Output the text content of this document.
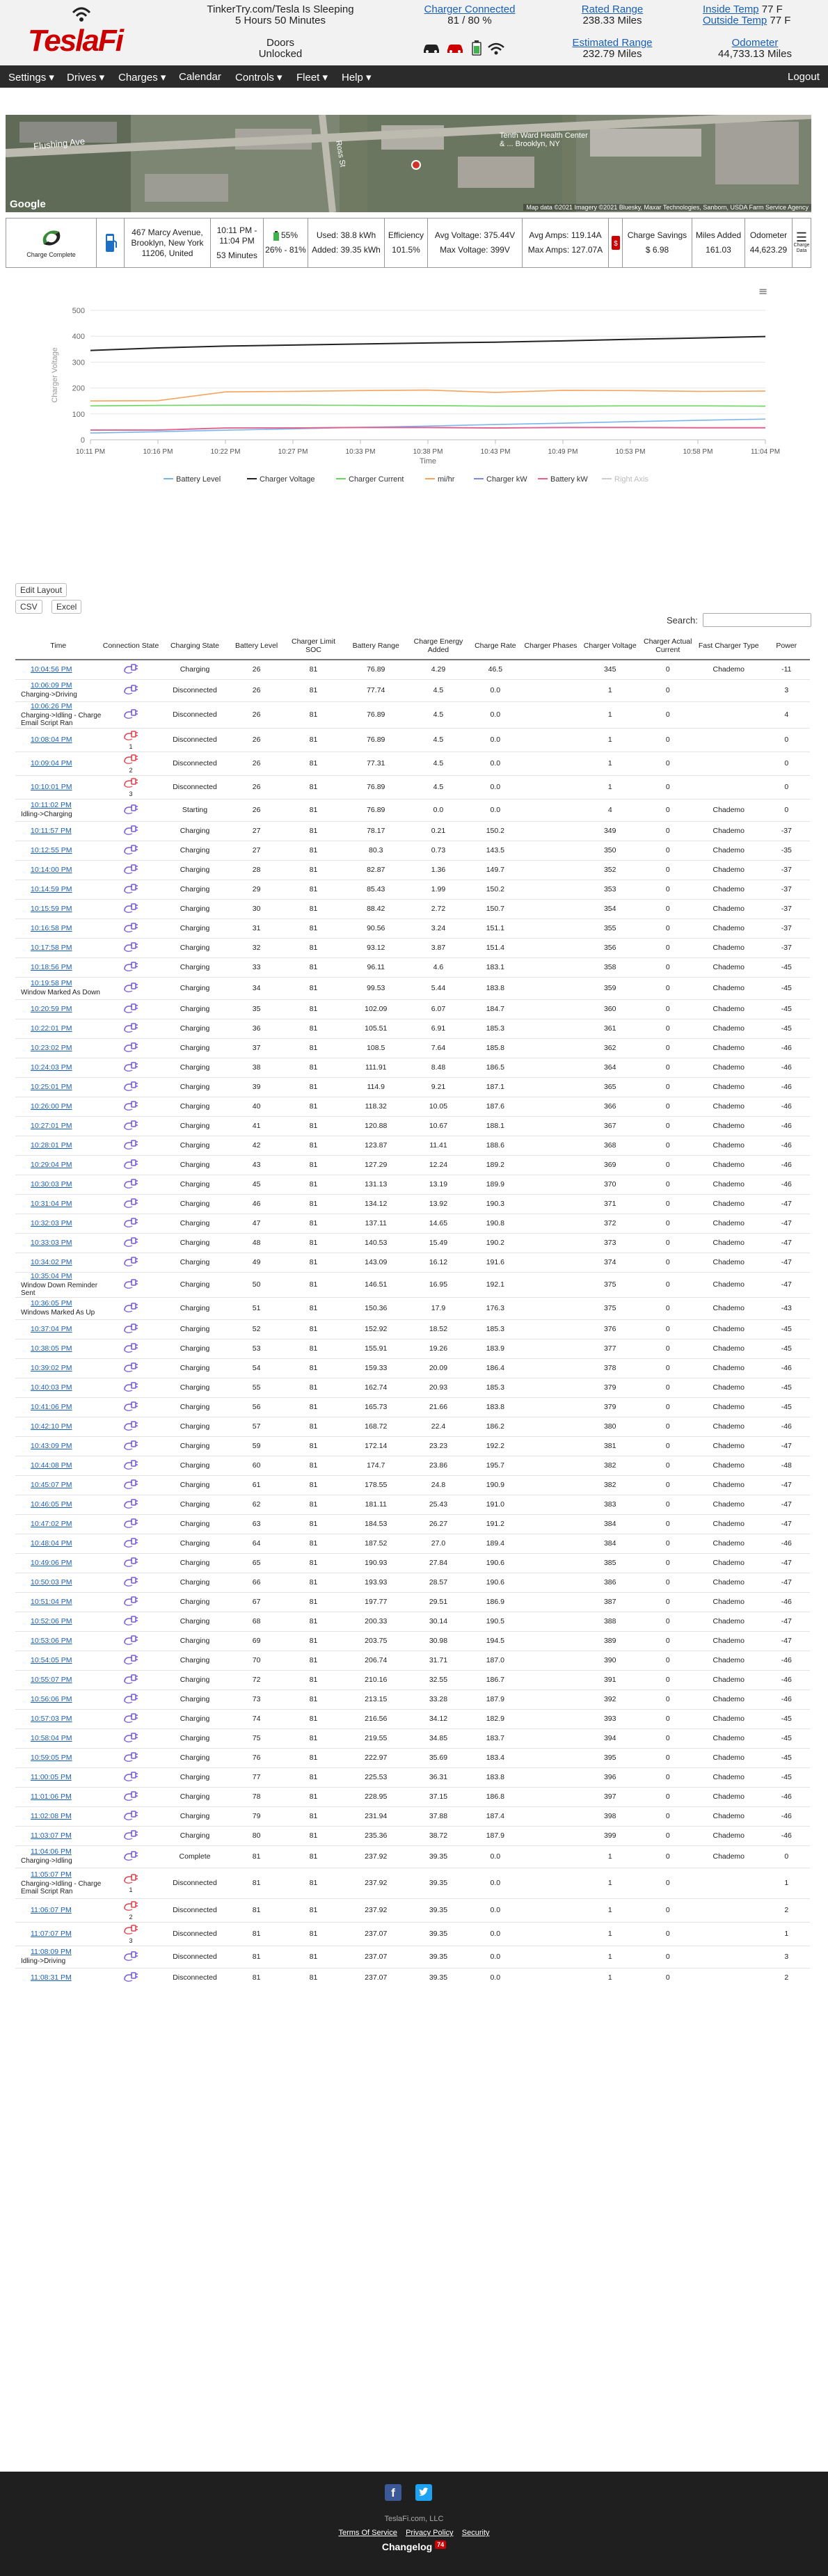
TeslaFi
TinkerTry.com/Tesla Is Sleeping
5 Hours 50 Minutes
Doors
Unlocked
Charger Connected
81 / 80 %
Rated Range
238.33 Miles
Estimated Range
232.79 Miles
Inside Temp 77 F
Outside Temp 77 F
Odometer
44,733.13 Miles
Settings ▾ Drives ▾ Charges ▾ Calendar Controls ▾ Fleet ▾ Help ▾	Logout
Flushing Ave	Ross St
Tenth Ward Health Center & ... Brooklyn, NY
Google	Map data ©2021 Imagery ©2021 Bluesky, Maxar Technologies, Sanborn, USDA Farm Service Agency
Charge Complete
467 Marcy Avenue,
Brooklyn, New York
11206, United
10:11 PM -
11:04 PM
53 Minutes
55%
26% - 81%
Used: 38.8 kWh
Added: 39.35 kWh
Efficiency
101.5%
Avg Voltage: 375.44V
Max Voltage: 399V
Avg Amps: 119.14A
Max Amps: 127.07A
$
Charge Savings
$ 6.98
Miles Added
161.03
Odometer
44,623.29
☰
Charge Data
0
100
200
300
400
500
10:11 PM	10:16 PM	10:22 PM	10:27 PM	10:33 PM	10:38 PM	10:43 PM	10:49 PM	10:53 PM	10:58 PM	11:04 PM
Time
Charger Voltage
≡
Battery Level	Charger Voltage	Charger Current	mi/hr	Charger kW	Battery kW	Right Axis
Edit Layout
CSV	Excel
Search:
Time	Connection State	Charging State	Battery Level	Charger Limit SOC	Battery Range	Charge Energy Added	Charge Rate	Charger Phases	Charger Voltage	Charger Actual Current	Fast Charger Type	Power
10:04:56 PM		Charging	26	81	76.89	4.29	46.5		345	0	Chademo	-11
10:06:09 PM
Charging->Driving		Disconnected	26	81	77.74	4.5	0.0		1	0		3
10:06:26 PM
Charging->Idling - Charge Email Script Ran		Disconnected	26	81	76.89	4.5	0.0		1	0		4
10:08:04 PM	1	Disconnected	26	81	76.89	4.5	0.0		1	0		0
10:09:04 PM	2	Disconnected	26	81	77.31	4.5	0.0		1	0		0
10:10:01 PM	3	Disconnected	26	81	76.89	4.5	0.0		1	0		0
10:11:02 PM
Idling->Charging		Starting	26	81	76.89	0.0	0.0		4	0	Chademo	0
10:11:57 PM		Charging	27	81	78.17	0.21	150.2		349	0	Chademo	-37
10:12:55 PM		Charging	27	81	80.3	0.73	143.5		350	0	Chademo	-35
10:14:00 PM		Charging	28	81	82.87	1.36	149.7		352	0	Chademo	-37
10:14:59 PM		Charging	29	81	85.43	1.99	150.2		353	0	Chademo	-37
10:15:59 PM		Charging	30	81	88.42	2.72	150.7		354	0	Chademo	-37
10:16:58 PM		Charging	31	81	90.56	3.24	151.1		355	0	Chademo	-37
10:17:58 PM		Charging	32	81	93.12	3.87	151.4		356	0	Chademo	-37
10:18:56 PM		Charging	33	81	96.11	4.6	183.1		358	0	Chademo	-45
10:19:58 PM
Window Marked As Down		Charging	34	81	99.53	5.44	183.8		359	0	Chademo	-45
10:20:59 PM		Charging	35	81	102.09	6.07	184.7		360	0	Chademo	-45
10:22:01 PM		Charging	36	81	105.51	6.91	185.3		361	0	Chademo	-45
10:23:02 PM		Charging	37	81	108.5	7.64	185.8		362	0	Chademo	-46
10:24:03 PM		Charging	38	81	111.91	8.48	186.5		364	0	Chademo	-46
10:25:01 PM		Charging	39	81	114.9	9.21	187.1		365	0	Chademo	-46
10:26:00 PM		Charging	40	81	118.32	10.05	187.6		366	0	Chademo	-46
10:27:01 PM		Charging	41	81	120.88	10.67	188.1		367	0	Chademo	-46
10:28:01 PM		Charging	42	81	123.87	11.41	188.6		368	0	Chademo	-46
10:29:04 PM		Charging	43	81	127.29	12.24	189.2		369	0	Chademo	-46
10:30:03 PM		Charging	45	81	131.13	13.19	189.9		370	0	Chademo	-46
10:31:04 PM		Charging	46	81	134.12	13.92	190.3		371	0	Chademo	-47
10:32:03 PM		Charging	47	81	137.11	14.65	190.8		372	0	Chademo	-47
10:33:03 PM		Charging	48	81	140.53	15.49	190.2		373	0	Chademo	-47
10:34:02 PM		Charging	49	81	143.09	16.12	191.6		374	0	Chademo	-47
10:35:04 PM
Window Down Reminder Sent		Charging	50	81	146.51	16.95	192.1		375	0	Chademo	-47
10:36:05 PM
Windows Marked As Up		Charging	51	81	150.36	17.9	176.3		375	0	Chademo	-43
10:37:04 PM		Charging	52	81	152.92	18.52	185.3		376	0	Chademo	-45
10:38:05 PM		Charging	53	81	155.91	19.26	183.9		377	0	Chademo	-45
10:39:02 PM		Charging	54	81	159.33	20.09	186.4		378	0	Chademo	-46
10:40:03 PM		Charging	55	81	162.74	20.93	185.3		379	0	Chademo	-45
10:41:06 PM		Charging	56	81	165.73	21.66	183.8		379	0	Chademo	-45
10:42:10 PM		Charging	57	81	168.72	22.4	186.2		380	0	Chademo	-46
10:43:09 PM		Charging	59	81	172.14	23.23	192.2		381	0	Chademo	-47
10:44:08 PM		Charging	60	81	174.7	23.86	195.7		382	0	Chademo	-48
10:45:07 PM		Charging	61	81	178.55	24.8	190.9		382	0	Chademo	-47
10:46:05 PM		Charging	62	81	181.11	25.43	191.0		383	0	Chademo	-47
10:47:02 PM		Charging	63	81	184.53	26.27	191.2		384	0	Chademo	-47
10:48:04 PM		Charging	64	81	187.52	27.0	189.4		384	0	Chademo	-46
10:49:06 PM		Charging	65	81	190.93	27.84	190.6		385	0	Chademo	-47
10:50:03 PM		Charging	66	81	193.93	28.57	190.6		386	0	Chademo	-47
10:51:04 PM		Charging	67	81	197.77	29.51	186.9		387	0	Chademo	-46
10:52:06 PM		Charging	68	81	200.33	30.14	190.5		388	0	Chademo	-47
10:53:06 PM		Charging	69	81	203.75	30.98	194.5		389	0	Chademo	-47
10:54:05 PM		Charging	70	81	206.74	31.71	187.0		390	0	Chademo	-46
10:55:07 PM		Charging	72	81	210.16	32.55	186.7		391	0	Chademo	-46
10:56:06 PM		Charging	73	81	213.15	33.28	187.9		392	0	Chademo	-46
10:57:03 PM		Charging	74	81	216.56	34.12	182.9		393	0	Chademo	-45
10:58:04 PM		Charging	75	81	219.55	34.85	183.7		394	0	Chademo	-45
10:59:05 PM		Charging	76	81	222.97	35.69	183.4		395	0	Chademo	-45
11:00:05 PM		Charging	77	81	225.53	36.31	183.8		396	0	Chademo	-45
11:01:06 PM		Charging	78	81	228.95	37.15	186.8		397	0	Chademo	-46
11:02:08 PM		Charging	79	81	231.94	37.88	187.4		398	0	Chademo	-46
11:03:07 PM		Charging	80	81	235.36	38.72	187.9		399	0	Chademo	-46
11:04:06 PM
Charging->Idling		Complete	81	81	237.92	39.35	0.0		1	0	Chademo	0
11:05:07 PM
Charging->Idling - Charge Email Script Ran	1	Disconnected	81	81	237.92	39.35	0.0		1	0		1
11:06:07 PM	2	Disconnected	81	81	237.92	39.35	0.0		1	0		2
11:07:07 PM	3	Disconnected	81	81	237.07	39.35	0.0		1	0		1
11:08:09 PM
Idling->Driving		Disconnected	81	81	237.07	39.35	0.0		1	0		3
11:08:31 PM		Disconnected	81	81	237.07	39.35	0.0		1	0		2
f
TeslaFi.com, LLC
Terms Of Service Privacy Policy Security
Changelog $^{74}$
